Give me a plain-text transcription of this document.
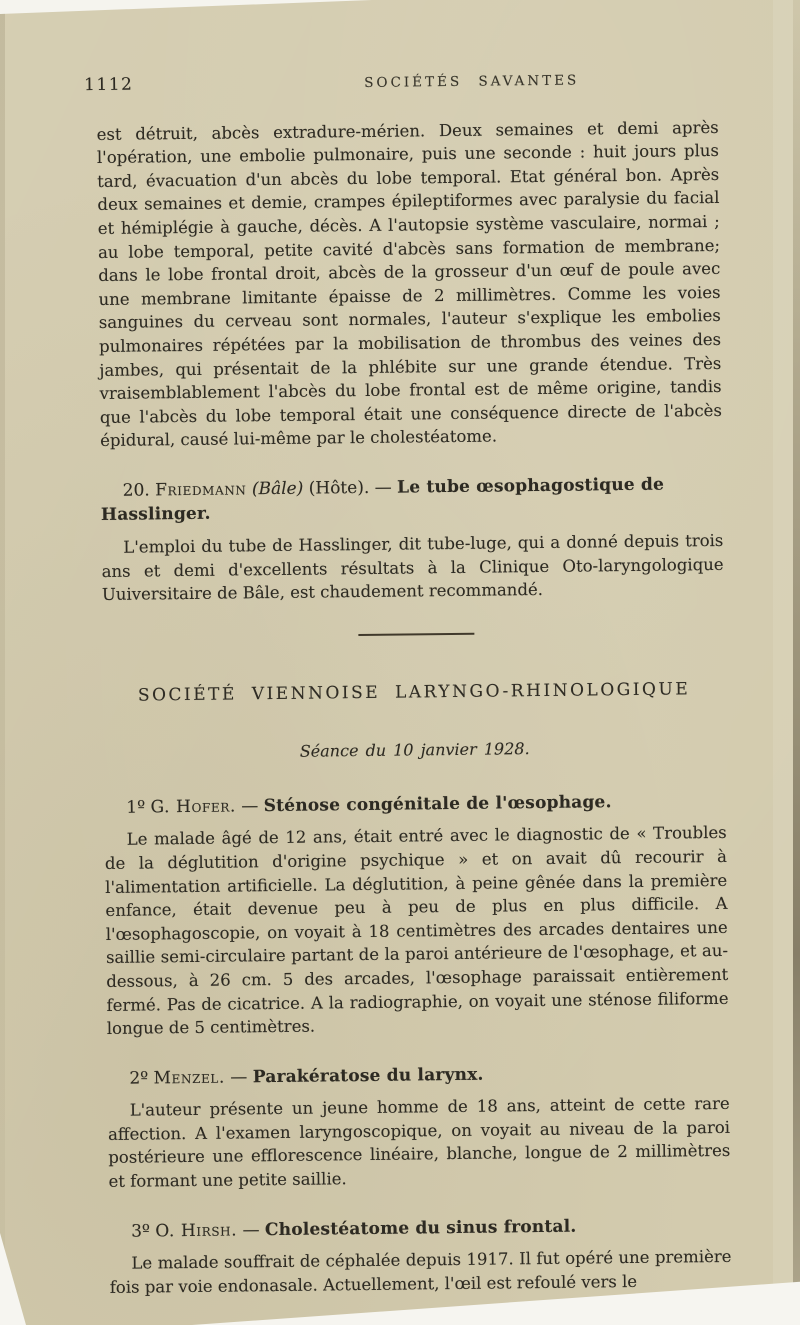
1112	SOCIÉTÉS SAVANTES

est détruit, abcès extradure-mérien. Deux semaines et demi après l'opération, une embolie pulmonaire, puis une seconde : huit jours plus tard, évacuation d'un abcès du lobe temporal. Etat général bon. Après deux semaines et demie, crampes épileptiformes avec paralysie du facial et hémiplégie à gauche, décès. A l'autopsie système vasculaire, normai ; au lobe temporal, petite cavité d'abcès sans formation de membrane; dans le lobe frontal droit, abcès de la grosseur d'un œuf de poule avec une membrane limitante épaisse de 2 millimètres. Comme les voies sanguines du cerveau sont normales, l'auteur s'explique les embolies pulmonaires répétées par la mobilisation de thrombus des veines des jambes, qui présentait de la phlébite sur une grande étendue. Très vraisemblablement l'abcès du lobe frontal est de même origine, tandis que l'abcès du lobe temporal était une conséquence directe de l'abcès épidural, causé lui-même par le cholestéatome.

20. Friedmann (Bâle) (Hôte). — Le tube œsophagostique de Hasslinger.

L'emploi du tube de Hasslinger, dit tube-luge, qui a donné depuis trois ans et demi d'excellents résultats à la Clinique Oto-laryngologique Uuiversitaire de Bâle, est chaudement recommandé.

SOCIÉTÉ VIENNOISE LARYNGO-RHINOLOGIQUE

Séance du 10 janvier 1928.

1º G. Hofer. — Sténose congénitale de l'œsophage.

Le malade âgé de 12 ans, était entré avec le diagnostic de « Troubles de la déglutition d'origine psychique » et on avait dû recourir à l'alimentation artificielle. La déglutition, à peine gênée dans la première enfance, était devenue peu à peu de plus en plus difficile. A l'œsophagoscopie, on voyait à 18 centimètres des arcades dentaires une saillie semi-circulaire partant de la paroi antérieure de l'œsophage, et au-dessous, à 26 cm. 5 des arcades, l'œsophage paraissait entièrement fermé. Pas de cicatrice. A la radiographie, on voyait une sténose filiforme longue de 5 centimètres.

2º Menzel. — Parakératose du larynx.

L'auteur présente un jeune homme de 18 ans, atteint de cette rare affection. A l'examen laryngoscopique, on voyait au niveau de la paroi postérieure une efflorescence linéaire, blanche, longue de 2 millimètres et formant une petite saillie.

3º O. Hirsh. — Cholestéatome du sinus frontal.

Le malade souffrait de céphalée depuis 1917. Il fut opéré une première fois par voie endonasale. Actuellement, l'œil est refoulé vers le
